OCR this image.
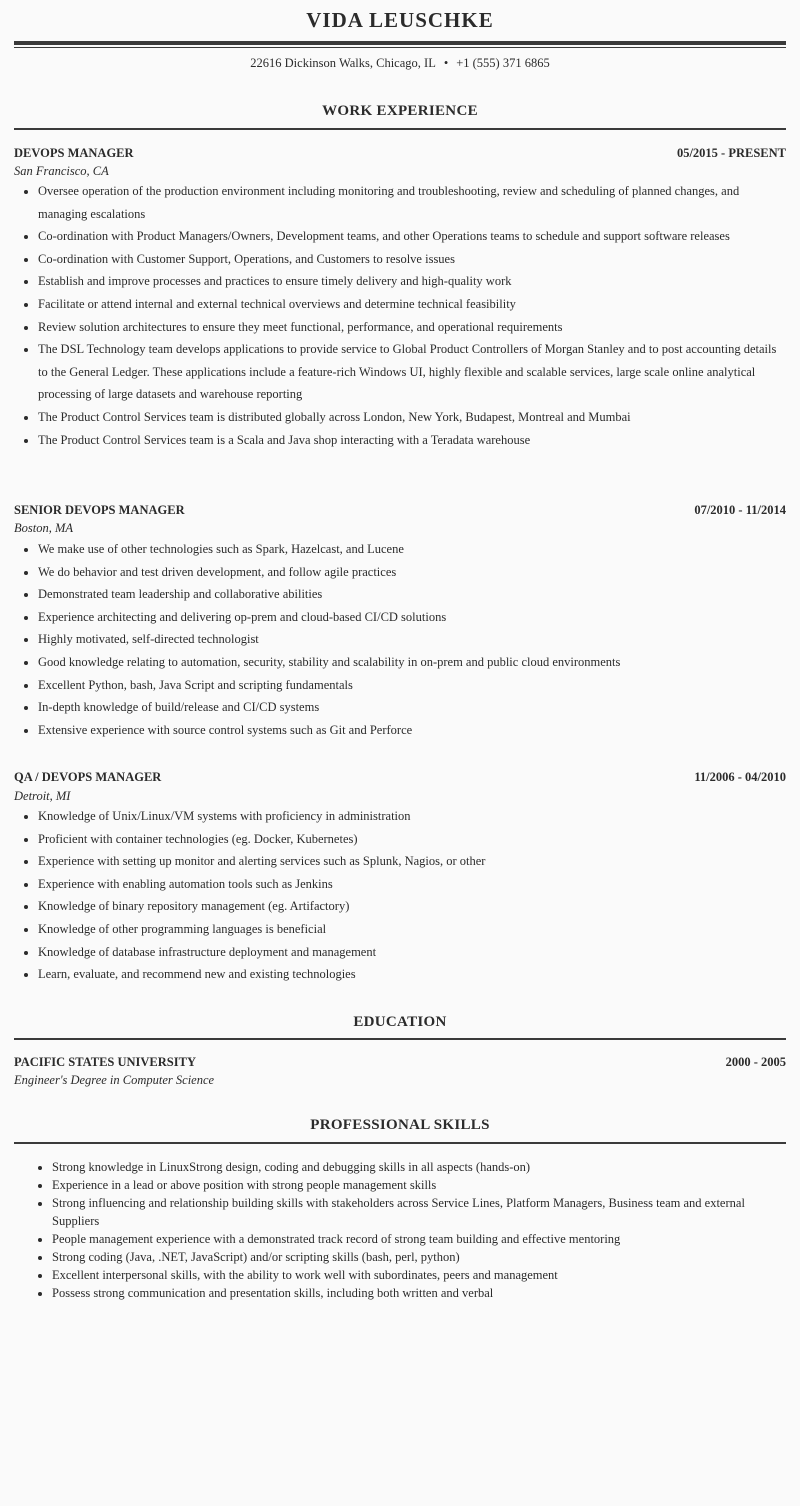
VIDA LEUSCHKE
22616 Dickinson Walks, Chicago, IL • +1 (555) 371 6865
WORK EXPERIENCE
DEVOPS MANAGER	05/2015 - PRESENT
San Francisco, CA
• Oversee operation of the production environment including monitoring and troubleshooting, review and scheduling of planned changes, and managing escalations
• Co-ordination with Product Managers/Owners, Development teams, and other Operations teams to schedule and support software releases
• Co-ordination with Customer Support, Operations, and Customers to resolve issues
• Establish and improve processes and practices to ensure timely delivery and high-quality work
• Facilitate or attend internal and external technical overviews and determine technical feasibility
• Review solution architectures to ensure they meet functional, performance, and operational requirements
• The DSL Technology team develops applications to provide service to Global Product Controllers of Morgan Stanley and to post accounting details to the General Ledger. These applications include a feature-rich Windows UI, highly flexible and scalable services, large scale online analytical processing of large datasets and warehouse reporting
• The Product Control Services team is distributed globally across London, New York, Budapest, Montreal and Mumbai
• The Product Control Services team is a Scala and Java shop interacting with a Teradata warehouse
SENIOR DEVOPS MANAGER	07/2010 - 11/2014
Boston, MA
• We make use of other technologies such as Spark, Hazelcast, and Lucene
• We do behavior and test driven development, and follow agile practices
• Demonstrated team leadership and collaborative abilities
• Experience architecting and delivering op-prem and cloud-based CI/CD solutions
• Highly motivated, self-directed technologist
• Good knowledge relating to automation, security, stability and scalability in on-prem and public cloud environments
• Excellent Python, bash, Java Script and scripting fundamentals
• In-depth knowledge of build/release and CI/CD systems
• Extensive experience with source control systems such as Git and Perforce
QA / DEVOPS MANAGER	11/2006 - 04/2010
Detroit, MI
• Knowledge of Unix/Linux/VM systems with proficiency in administration
• Proficient with container technologies (eg. Docker, Kubernetes)
• Experience with setting up monitor and alerting services such as Splunk, Nagios, or other
• Experience with enabling automation tools such as Jenkins
• Knowledge of binary repository management (eg. Artifactory)
• Knowledge of other programming languages is beneficial
• Knowledge of database infrastructure deployment and management
• Learn, evaluate, and recommend new and existing technologies
EDUCATION
PACIFIC STATES UNIVERSITY	2000 - 2005
Engineer's Degree in Computer Science
PROFESSIONAL SKILLS
• Strong knowledge in LinuxStrong design, coding and debugging skills in all aspects (hands-on)
• Experience in a lead or above position with strong people management skills
• Strong influencing and relationship building skills with stakeholders across Service Lines, Platform Managers, Business team and external Suppliers
• People management experience with a demonstrated track record of strong team building and effective mentoring
• Strong coding (Java, .NET, JavaScript) and/or scripting skills (bash, perl, python)
• Excellent interpersonal skills, with the ability to work well with subordinates, peers and management
• Possess strong communication and presentation skills, including both written and verbal
